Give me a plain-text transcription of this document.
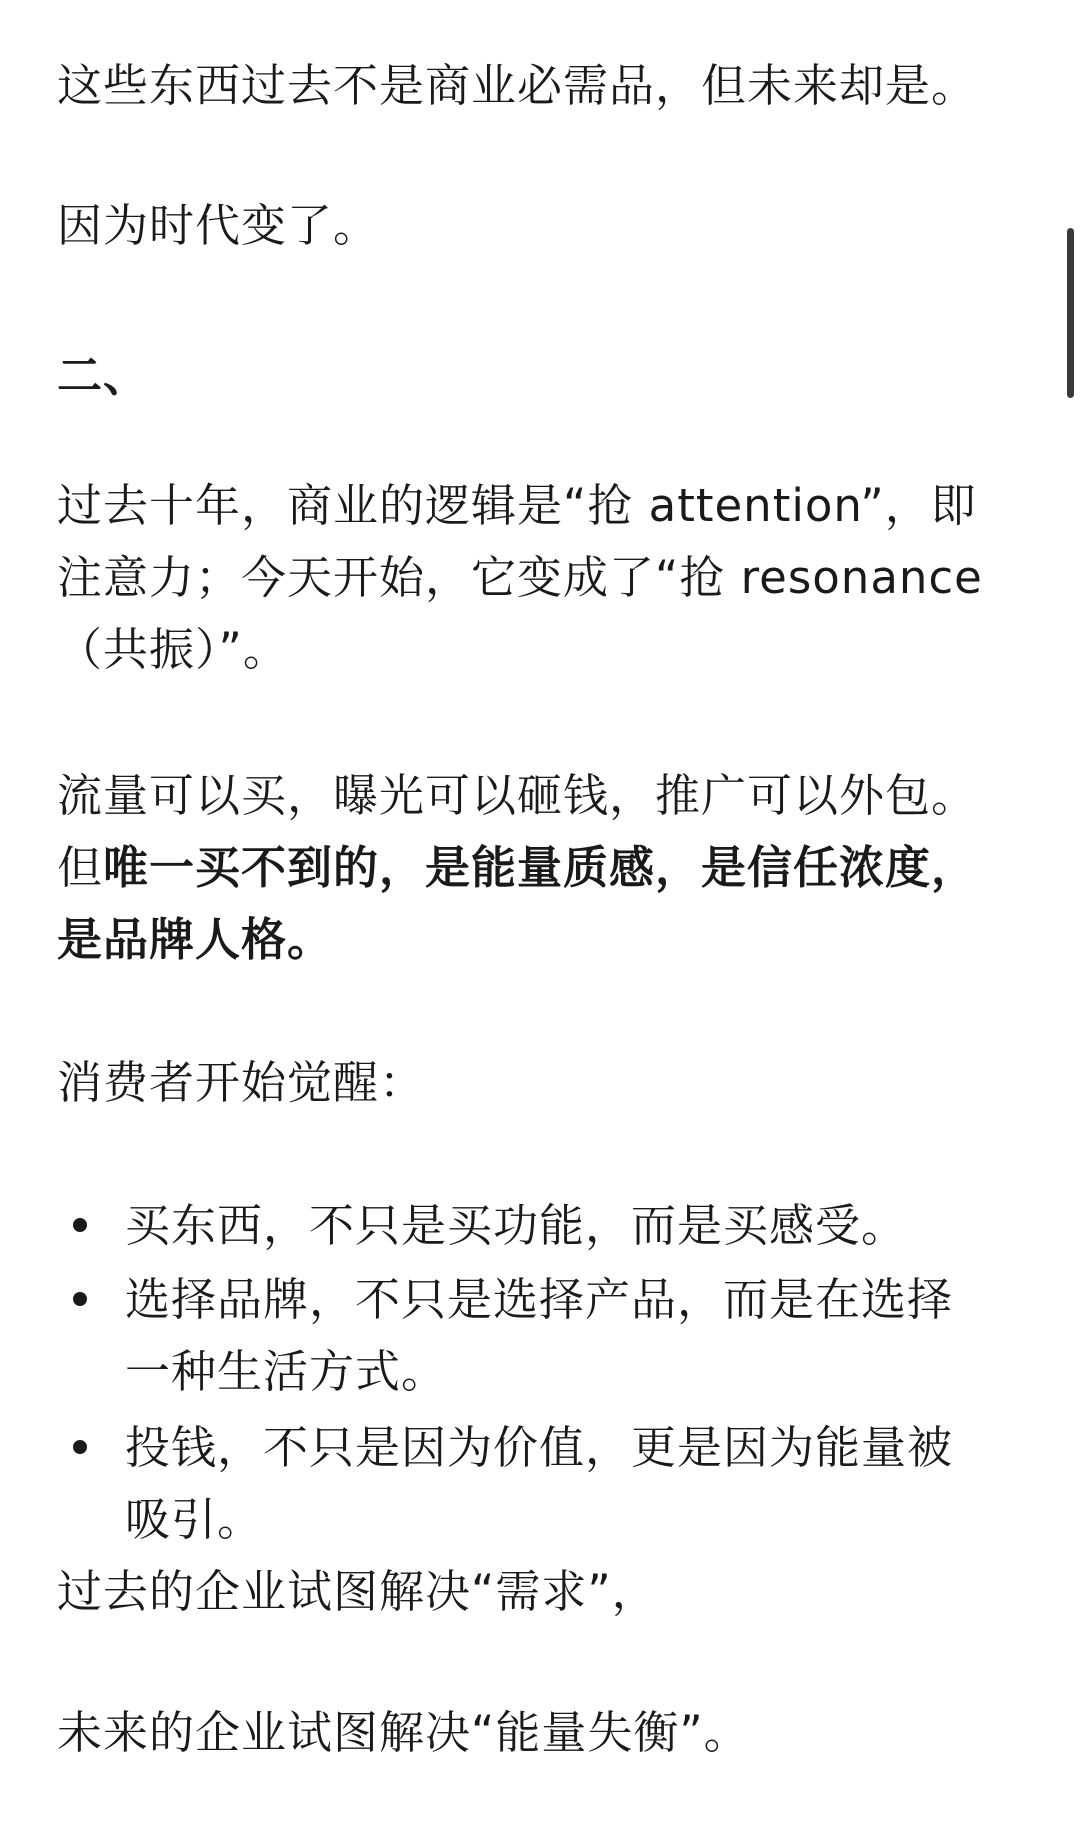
这些东西过去不是商业必需品，但未来却是。
因为时代变了。
二、
过去十年，商业的逻辑是“抢 attention”，即
注意力；今天开始，它变成了“抢 resonance
（共振）”。
流量可以买，曝光可以砸钱，推广可以外包。
但唯一买不到的，是能量质感，是信任浓度，
是品牌人格。
消费者开始觉醒：
买东西，不只是买功能，而是买感受。
选择品牌，不只是选择产品，而是在选择
一种生活方式。
投钱，不只是因为价值，更是因为能量被
吸引。
过去的企业试图解决“需求”，
未来的企业试图解决“能量失衡”。
